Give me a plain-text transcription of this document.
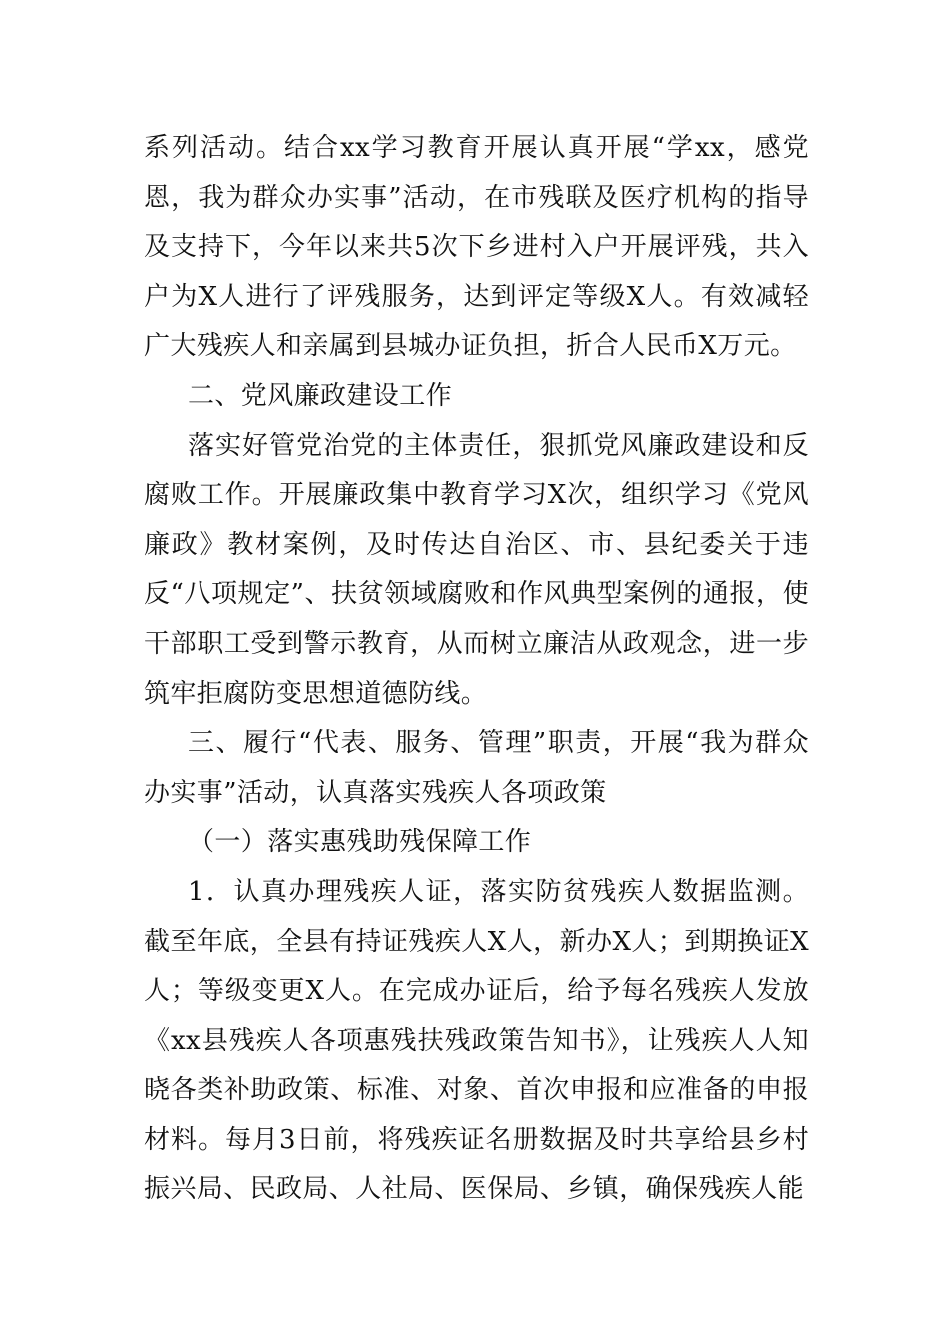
系列活动。结合xx学习教育开展认真开展“学xx，感党恩，我为群众办实事”活动，在市残联及医疗机构的指导及支持下，今年以来共5次下乡进村入户开展评残，共入户为X人进行了评残服务，达到评定等级X人。有效减轻广大残疾人和亲属到县城办证负担，折合人民币X万元。

二、党风廉政建设工作

落实好管党治党的主体责任，狠抓党风廉政建设和反腐败工作。开展廉政集中教育学习X次，组织学习《党风廉政》教材案例，及时传达自治区、市、县纪委关于违反“八项规定”、扶贫领域腐败和作风典型案例的通报，使干部职工受到警示教育，从而树立廉洁从政观念，进一步筑牢拒腐防变思想道德防线。

三、履行“代表、服务、管理”职责，开展“我为群众办实事”活动，认真落实残疾人各项政策

（一）落实惠残助残保障工作

1．认真办理残疾人证，落实防贫残疾人数据监测。截至年底，全县有持证残疾人X人，新办X人；到期换证X人；等级变更X人。在完成办证后，给予每名残疾人发放《xx县残疾人各项惠残扶残政策告知书》，让残疾人人知晓各类补助政策、标准、对象、首次申报和应准备的申报材料。每月3日前，将残疾证名册数据及时共享给县乡村振兴局、民政局、人社局、医保局、乡镇，确保残疾人能
